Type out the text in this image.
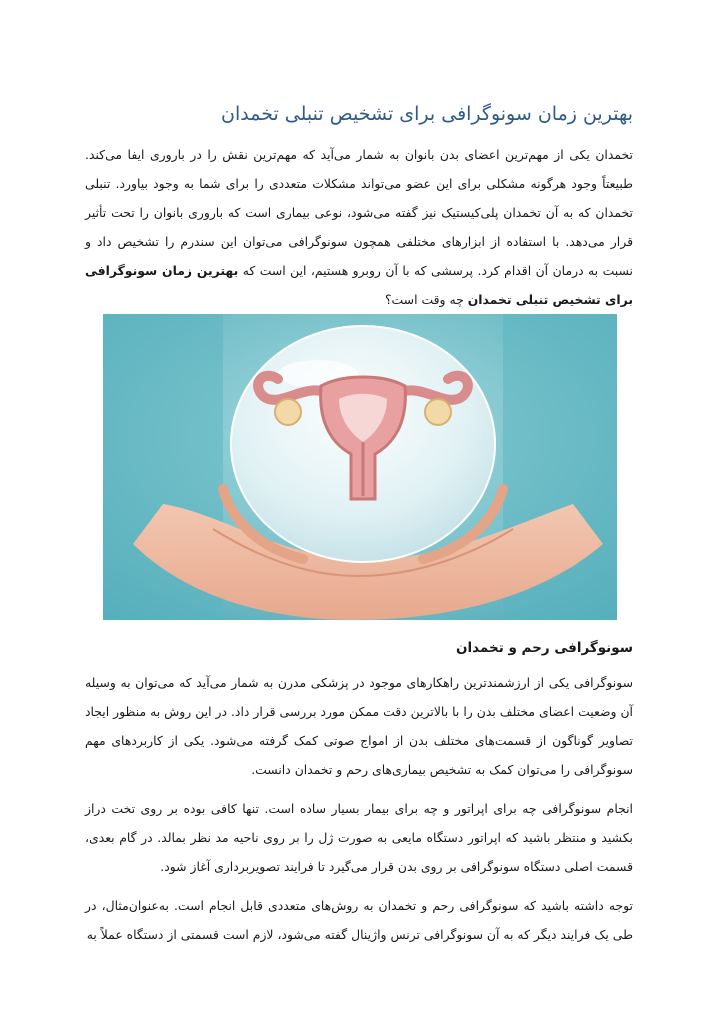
بهترین زمان سونوگرافی برای تشخیص تنبلی تخمدان

تخمدان یکی از مهم‌ترین اعضای بدن بانوان به شمار می‌آید که مهم‌ترین نقش را در باروری ایفا می‌کند. طبیعتاً وجود هرگونه مشکلی برای این عضو می‌تواند مشکلات متعددی را برای شما به وجود بیاورد. تنبلی تخمدان که به آن تخمدان پلی‌کیستیک نیز گفته می‌شود، نوعی بیماری است که باروری بانوان را تحت تأثیر قرار می‌دهد. با استفاده از ابزارهای مختلفی همچون سونوگرافی می‌توان این سندرم را تشخیص داد و نسبت به درمان آن اقدام کرد. پرسشی که با آن روبرو هستیم، این است که بهترین زمان سونوگرافی برای تشخیص تنبلی تخمدان چه وقت است؟

سونوگرافی رحم و تخمدان

سونوگرافی یکی از ارزشمندترین راهکارهای موجود در پزشکی مدرن به شمار می‌آید که می‌توان به وسیله آن وضعیت اعضای مختلف بدن را با بالاترین دقت ممکن مورد بررسی قرار داد. در این روش به منظور ایجاد تصاویر گوناگون از قسمت‌های مختلف بدن از امواج صوتی کمک گرفته می‌شود. یکی از کاربردهای مهم سونوگرافی را می‌توان کمک به تشخیص بیماری‌های رحم و تخمدان دانست.

انجام سونوگرافی چه برای اپراتور و چه برای بیمار بسیار ساده است. تنها کافی بوده بر روی تخت دراز بکشید و منتظر باشید که اپراتور دستگاه مایعی به صورت ژل را بر روی ناحیه مد نظر بمالد. در گام بعدی، قسمت اصلی دستگاه سونوگرافی بر روی بدن قرار می‌گیرد تا فرایند تصویربرداری آغاز شود.

توجه داشته باشید که سونوگرافی رحم و تخمدان به روش‌های متعددی قابل انجام است. به‌عنوان‌مثال، در طی یک فرایند دیگر که به آن سونوگرافی ترنس واژینال گفته می‌شود، لازم است قسمتی از دستگاه عملاً به
